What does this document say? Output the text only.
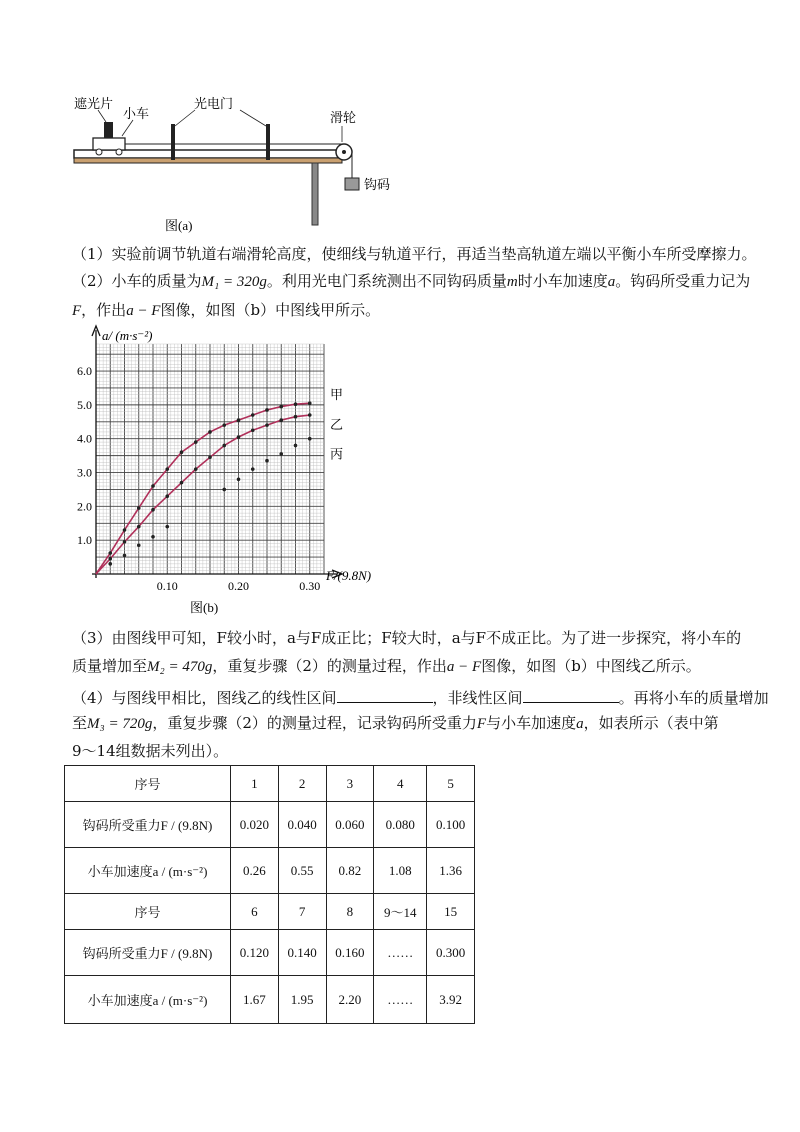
遮光片
小车
光电门
滑轮
钩码
图(a)
（1）实验前调节轨道右端滑轮高度，使细线与轨道平行，再适当垫高轨道左端以平衡小车所受摩擦力。
（2）小车的质量为M₁ = 320g。利用光电门系统测出不同钩码质量m时小车加速度a。钩码所受重力记为
F，作出a − F图像，如图（b）中图线甲所示。
1.0
2.0
3.0
4.0
5.0
6.0
0.10	0.20	0.30
甲
乙
丙
a/ (m·s⁻²)
F/(9.8N)
图(b)
（3）由图线甲可知，F较小时，a与F成正比；F较大时，a与F不成正比。为了进一步探究，将小车的
质量增加至M₂ = 470g，重复步骤（2）的测量过程，作出a − F图像，如图（b）中图线乙所示。
（4）与图线甲相比，图线乙的线性区间	，非线性区间	。再将小车的质量增加
至M₃ = 720g，重复步骤（2）的测量过程，记录钩码所受重力F与小车加速度a，如表所示（表中第
9～14组数据未列出）。
序号	1	2	3	4	5
钩码所受重力F / (9.8N)	0.020	0.040	0.060	0.080	0.100
小车加速度a / (m·s⁻²)	0.26	0.55	0.82	1.08	1.36
序号	6	7	8	9～14	15
钩码所受重力F / (9.8N)	0.120	0.140	0.160	……	0.300
小车加速度a / (m·s⁻²)	1.67	1.95	2.20	……	3.92
